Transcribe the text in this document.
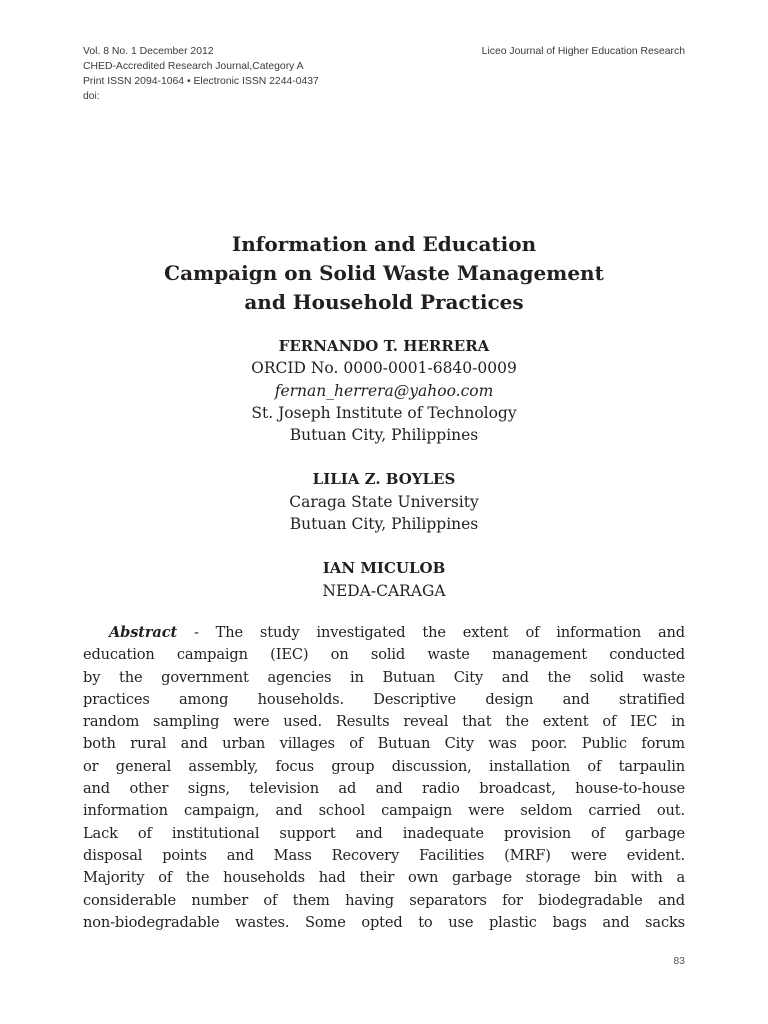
Vol. 8 No. 1 December 2012
CHED-Accredited Research Journal,Category A
Print ISSN 2094-1064 • Electronic ISSN 2244-0437
doi:
Liceo Journal of Higher Education Research
Information and Education
Campaign on Solid Waste Management
and Household Practices
FERNANDO T. HERRERA
ORCID No. 0000-0001-6840-0009
fernan_herrera@yahoo.com
St. Joseph Institute of Technology
Butuan City, Philippines
LILIA Z. BOYLES
Caraga State University
Butuan City, Philippines
IAN MICULOB
NEDA-CARAGA
Abstract - The study investigated the extent of information and
education campaign (IEC) on solid waste management conducted
by the government agencies in Butuan City and the solid waste
practices among households. Descriptive design and stratified
random sampling were used. Results reveal that the extent of IEC in
both rural and urban villages of Butuan City was poor. Public forum
or general assembly, focus group discussion, installation of tarpaulin
and other signs, television ad and radio broadcast, house-to-house
information campaign, and school campaign were seldom carried out.
Lack of institutional support and inadequate provision of garbage
disposal points and Mass Recovery Facilities (MRF) were evident.
Majority of the households had their own garbage storage bin with a
considerable number of them having separators for biodegradable and
non-biodegradable wastes. Some opted to use plastic bags and sacks
83
